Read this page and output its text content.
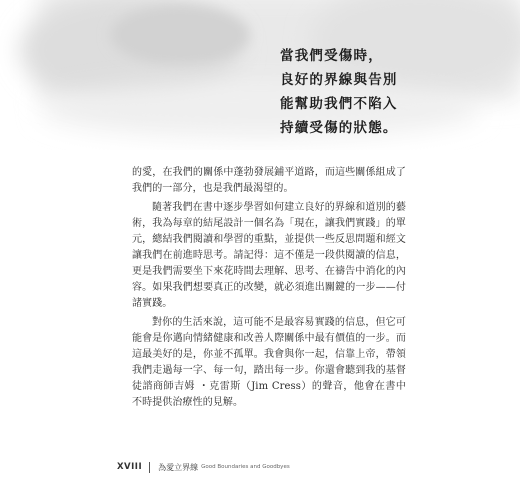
當我們受傷時，
良好的界線與告別
能幫助我們不陷入
持續受傷的狀態。

的愛，在我們的關係中蓬勃發展鋪平道路，而這些關係組成了我們的一部分，也是我們最渴望的。

隨著我們在書中逐步學習如何建立良好的界線和道別的藝術，我為每章的結尾設計一個名為「現在，讓我們實踐」的單元，總結我們閱讀和學習的重點，並提供一些反思問題和經文讓我們在前進時思考。請記得：這不僅是一段供閱讀的信息，更是我們需要坐下來花時間去理解、思考、在禱告中消化的內容。如果我們想要真正的改變，就必須進出關鍵的一步——付諸實踐。

對你的生活來說，這可能不是最容易實踐的信息，但它可能會是你邁向情緒健康和改善人際關係中最有價值的一步。而這最美好的是，你並不孤單。我會與你一起，信靠上帝，帶領我們走過每一字、每一句，踏出每一步。你還會聽到我的基督徒諮商師吉姆 ・克雷斯（Jim Cress）的聲音，他會在書中不時提供治療性的見解。

XVIII 為愛立界線 Good Boundaries and Goodbyes
